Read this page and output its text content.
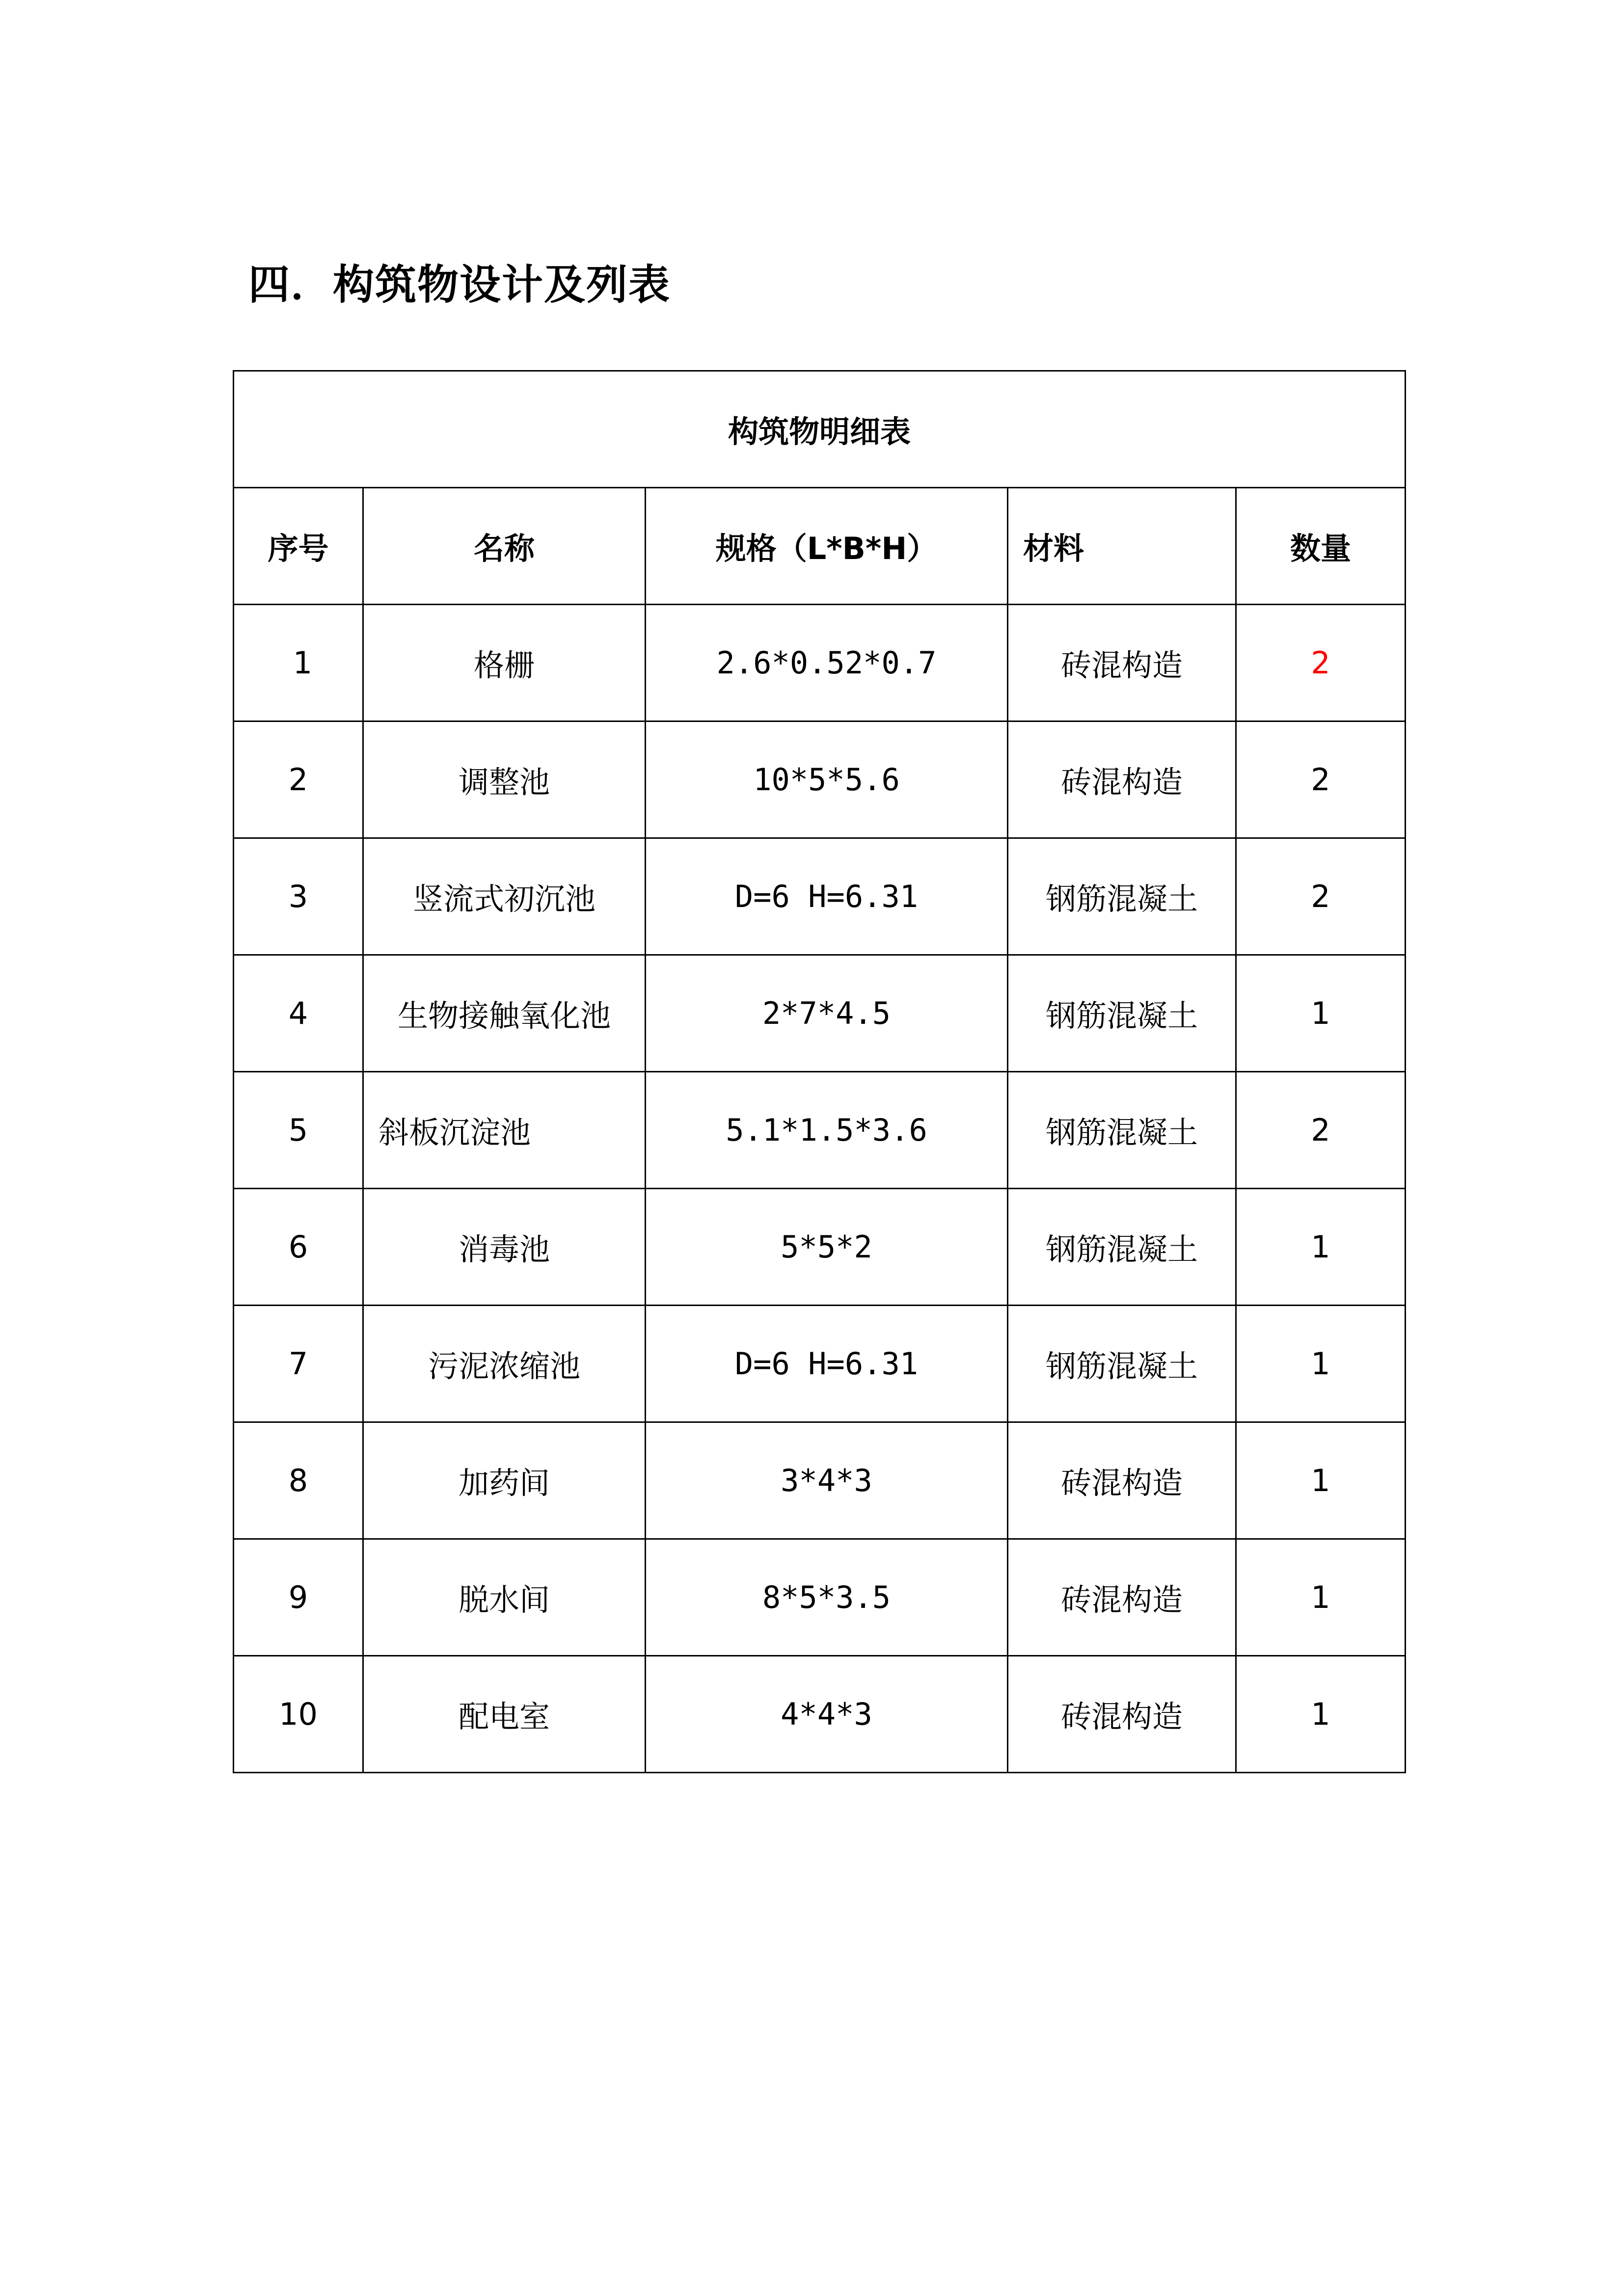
四．构筑物设计及列表
构筑物明细表				
序号	名称	规格（L*B*H）	材料	数量
1	格栅	2.6*0.52*0.7	砖混构造	2
2	调整池	10*5*5.6	砖混构造	2
3	竖流式初沉池	D=6 H=6.31	钢筋混凝土	2
4	生物接触氧化池	2*7*4.5	钢筋混凝土	1
5	斜板沉淀池	5.1*1.5*3.6	钢筋混凝土	2
6	消毒池	5*5*2	钢筋混凝土	1
7	污泥浓缩池	D=6 H=6.31	钢筋混凝土	1
8	加药间	3*4*3	砖混构造	1
9	脱水间	8*5*3.5	砖混构造	1
10	配电室	4*4*3	砖混构造	1
